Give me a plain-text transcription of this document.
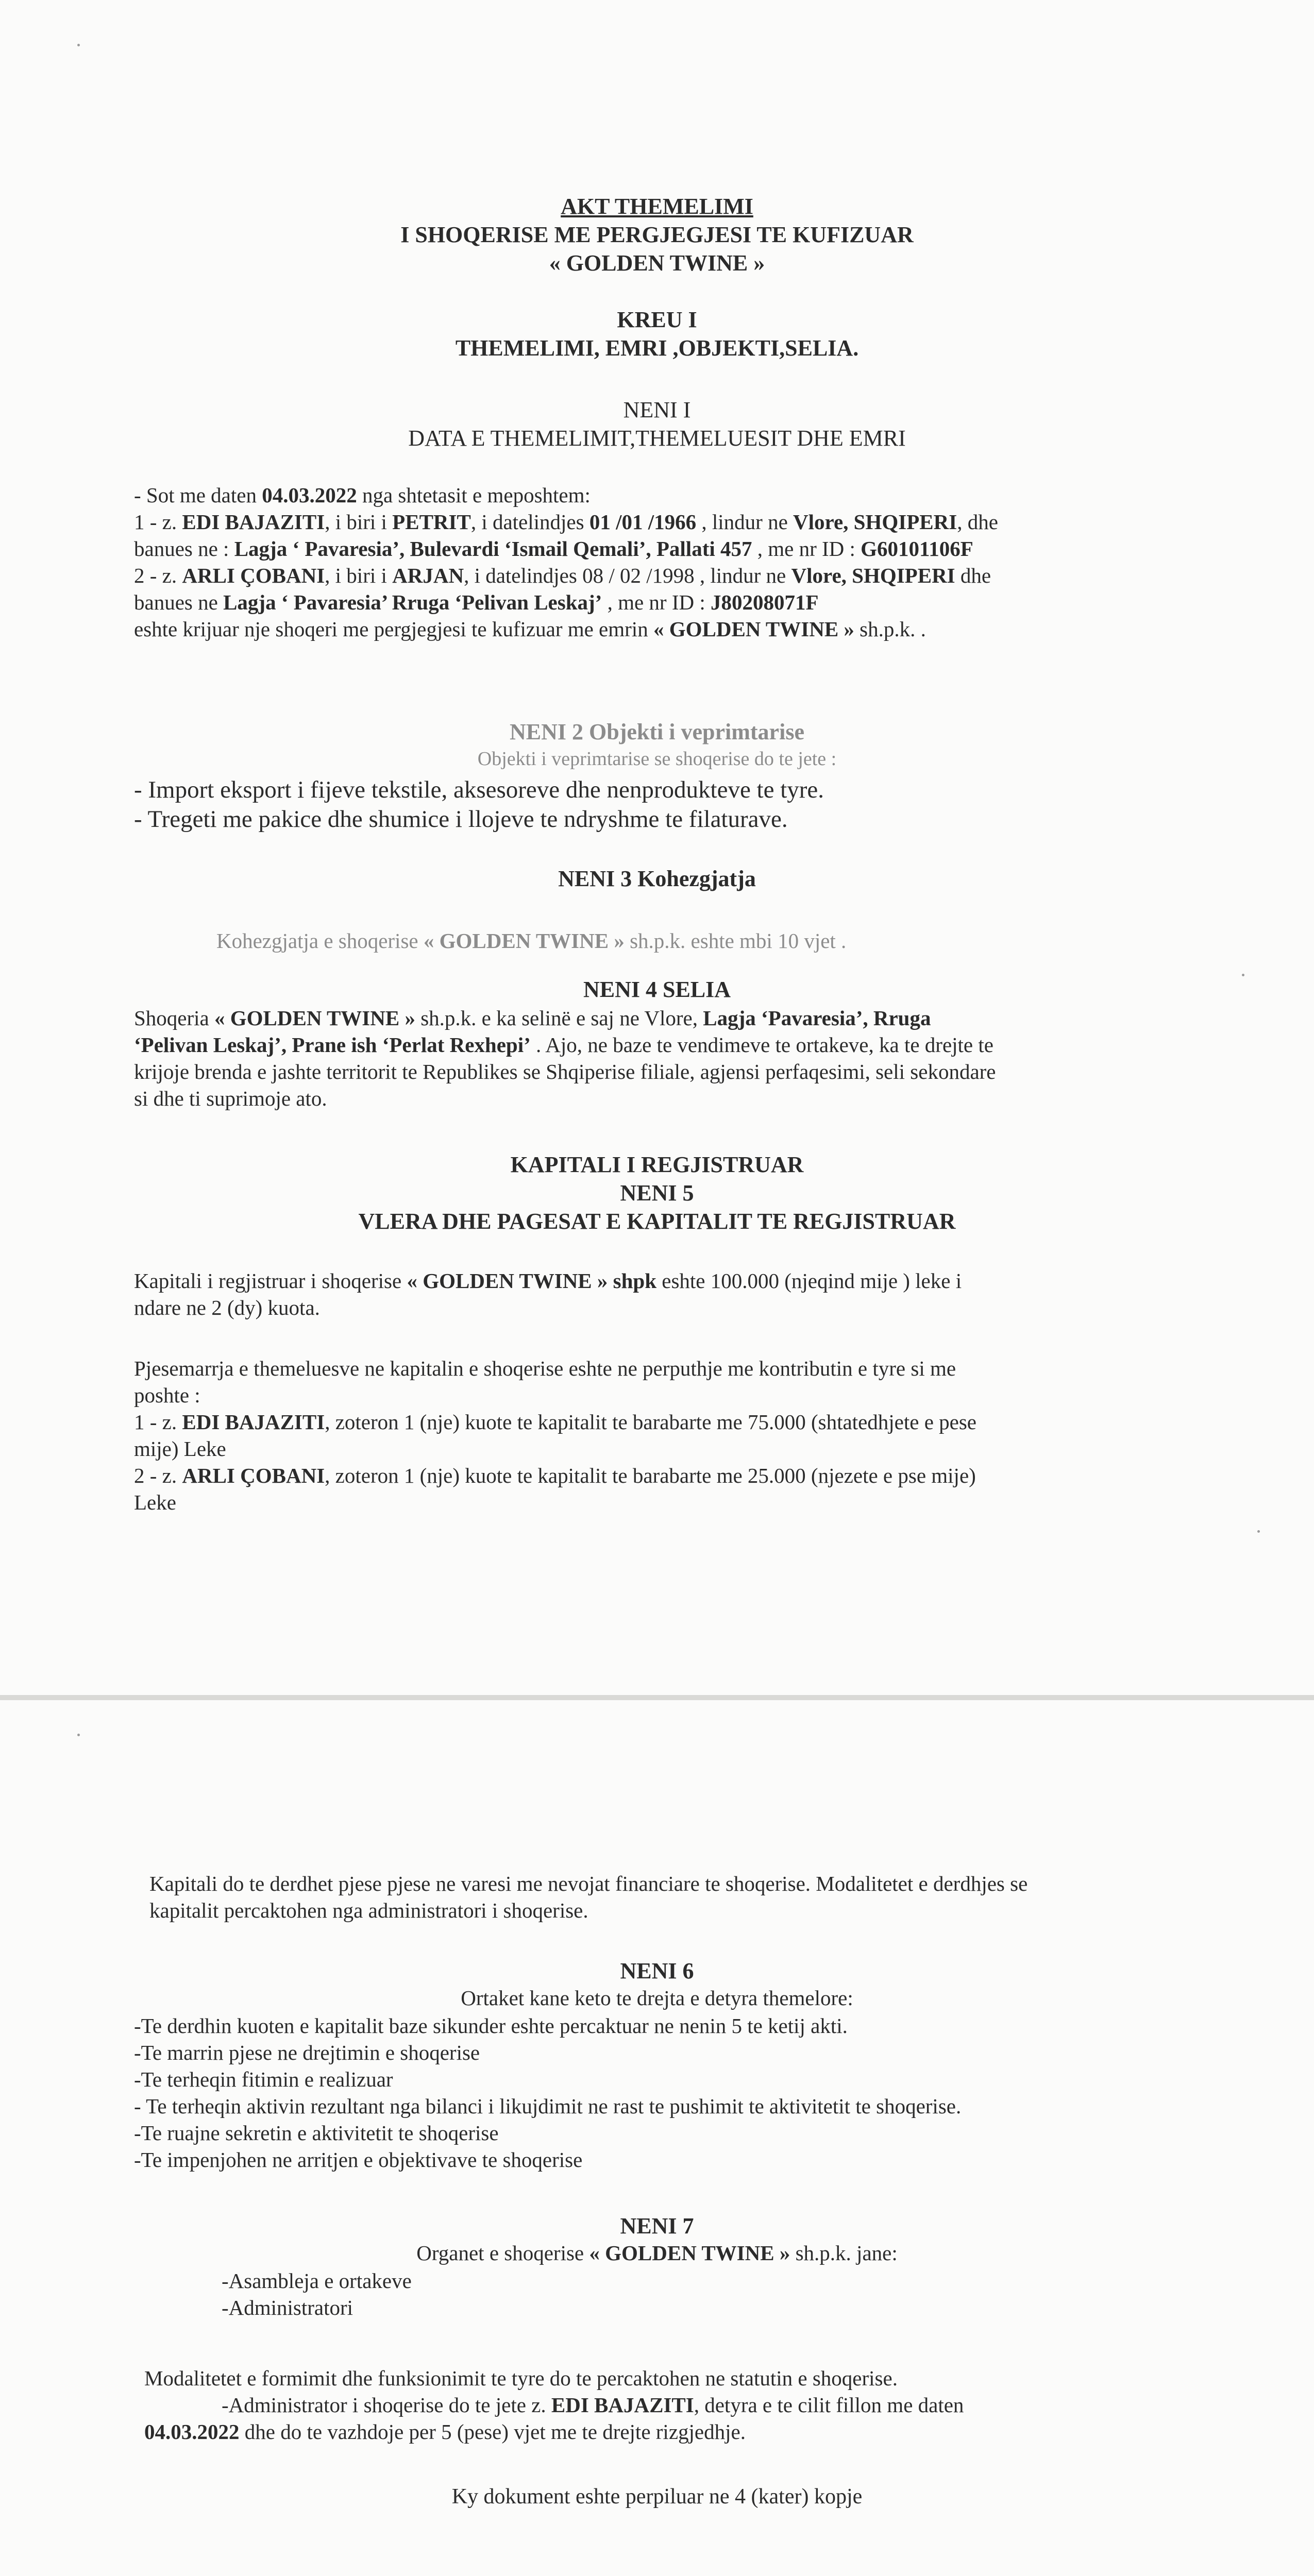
AKT THEMELIMI
I SHOQERISE ME PERGJEGJESI TE KUFIZUAR
« GOLDEN TWINE »
KREU I
THEMELIMI, EMRI ,OBJEKTI,SELIA.
NENI I
DATA E THEMELIMIT,THEMELUESIT DHE EMRI
- Sot me daten 04.03.2022 nga shtetasit e meposhtem:
1 - z. EDI BAJAZITI, i biri i PETRIT, i datelindjes 01 /01 /1966 , lindur ne Vlore, SHQIPERI, dhe
banues ne : Lagja ‘ Pavaresia’, Bulevardi ‘Ismail Qemali’, Pallati 457 , me nr ID : G60101106F
2 - z. ARLI ÇOBANI, i biri i ARJAN, i datelindjes 08 / 02 /1998 , lindur ne Vlore, SHQIPERI dhe
banues ne Lagja ‘ Pavaresia’ Rruga ‘Pelivan Leskaj’ , me nr ID : J80208071F
eshte krijuar nje shoqeri me pergjegjesi te kufizuar me emrin « GOLDEN TWINE » sh.p.k. .
NENI 2 Objekti i veprimtarise
Objekti i veprimtarise se shoqerise do te jete :
- Import eksport i fijeve tekstile, aksesoreve dhe nenprodukteve te tyre.
- Tregeti me pakice dhe shumice i llojeve te ndryshme te filaturave.
NENI 3 Kohezgjatja
Kohezgjatja e shoqerise « GOLDEN TWINE » sh.p.k. eshte mbi 10 vjet .
NENI 4 SELIA
Shoqeria « GOLDEN TWINE » sh.p.k. e ka selinë e saj ne Vlore, Lagja ‘Pavaresia’, Rruga
‘Pelivan Leskaj’, Prane ish ‘Perlat Rexhepi’ . Ajo, ne baze te vendimeve te ortakeve, ka te drejte te
krijoje brenda e jashte territorit te Republikes se Shqiperise filiale, agjensi perfaqesimi, seli sekondare
si dhe ti suprimoje ato.
KAPITALI I REGJISTRUAR
NENI 5
VLERA DHE PAGESAT E KAPITALIT TE REGJISTRUAR
Kapitali i regjistruar i shoqerise « GOLDEN TWINE » shpk eshte 100.000 (njeqind mije ) leke i
ndare ne 2 (dy) kuota.
Pjesemarrja e themeluesve ne kapitalin e shoqerise eshte ne perputhje me kontributin e tyre si me
poshte :
1 - z. EDI BAJAZITI, zoteron 1 (nje) kuote te kapitalit te barabarte me 75.000 (shtatedhjete e pese
mije) Leke
2 - z. ARLI ÇOBANI, zoteron 1 (nje) kuote te kapitalit te barabarte me 25.000 (njezete e pse mije)
Leke
Kapitali do te derdhet pjese pjese ne varesi me nevojat financiare te shoqerise. Modalitetet e derdhjes se
kapitalit percaktohen nga administratori i shoqerise.
NENI 6
Ortaket kane keto te drejta e detyra themelore:
-Te derdhin kuoten e kapitalit baze sikunder eshte percaktuar ne nenin 5 te ketij akti.
-Te marrin pjese ne drejtimin e shoqerise
-Te terheqin fitimin e realizuar
- Te terheqin aktivin rezultant nga bilanci i likujdimit ne rast te pushimit te aktivitetit te shoqerise.
-Te ruajne sekretin e aktivitetit te shoqerise
-Te impenjohen ne arritjen e objektivave te shoqerise
NENI 7
Organet e shoqerise « GOLDEN TWINE » sh.p.k. jane:
-Asambleja e ortakeve
-Administratori
Modalitetet e formimit dhe funksionimit te tyre do te percaktohen ne statutin e shoqerise.
-Administrator i shoqerise do te jete z. EDI BAJAZITI, detyra e te cilit fillon me daten
04.03.2022 dhe do te vazhdoje per 5 (pese) vjet me te drejte rizgjedhje.
Ky dokument eshte perpiluar ne 4 (kater) kopje
